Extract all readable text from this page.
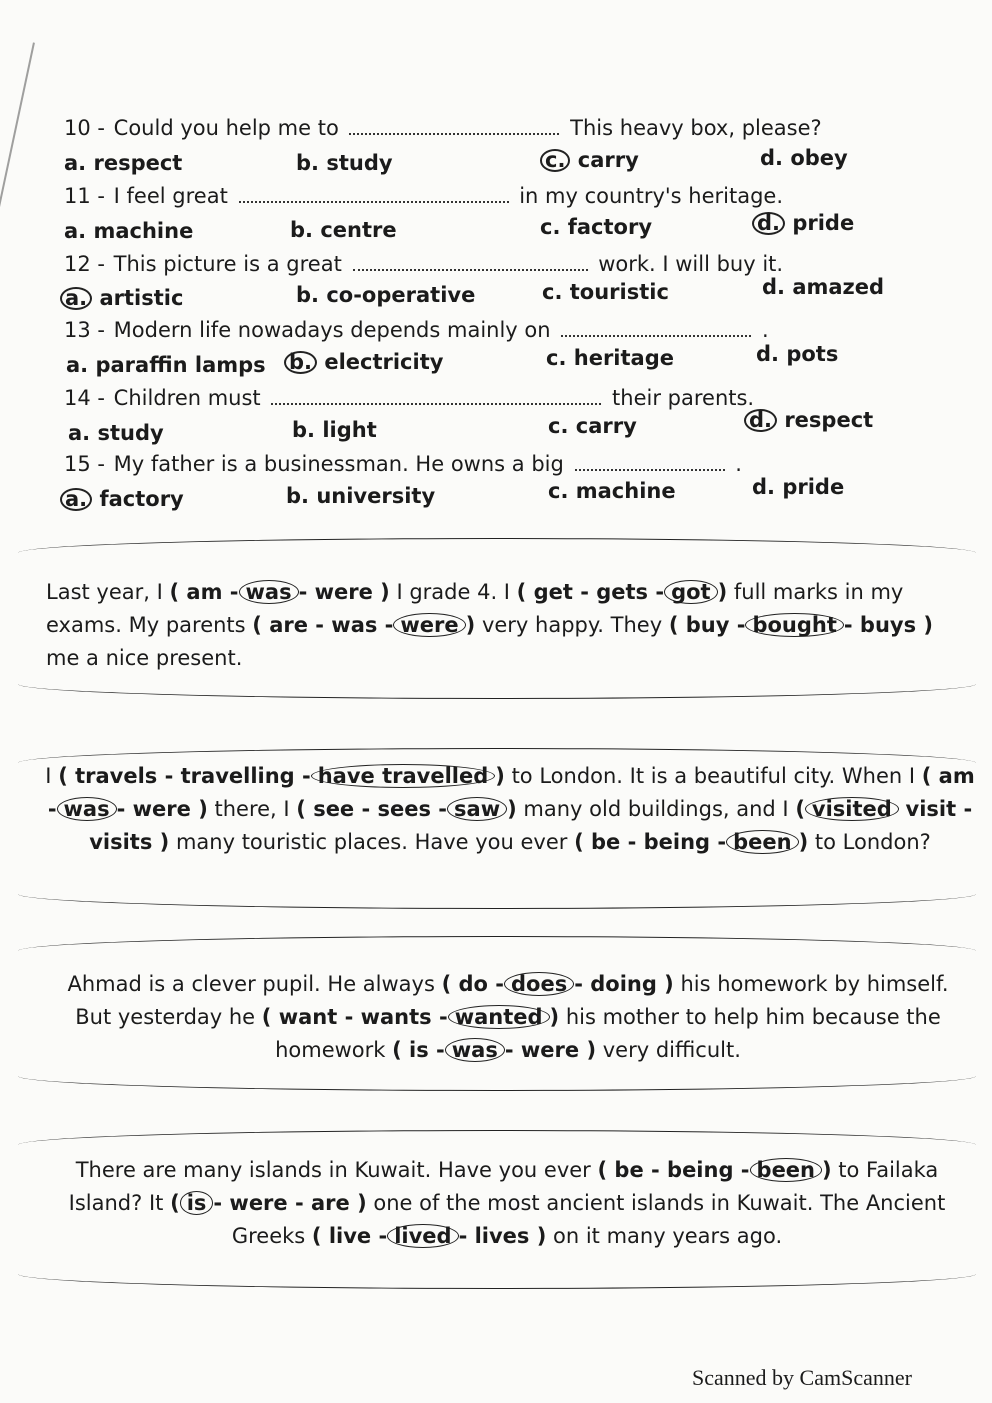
10 - Could you help me to	This heavy box, please?
a. respect	b. study	c. carry	d. obey
11 - I feel great	in my country's heritage.
a. machine	b. centre	c. factory	d. pride
12 - This picture is a great	work. I will buy it.
a. artistic	b. co-operative	c. touristic	d. amazed
13 - Modern life nowadays depends mainly on	.
a. paraffin lamps b. electricity	c. heritage	d. pots
14 - Children must	their parents.
a. study	b. light	c. carry	d. respect
15 - My father is a businessman. He owns a big	.
a. factory	b. university	c. machine	d. pride
Last year, I ( am - was - were ) I grade 4. I ( get - gets - got ) full marks in my exams. My parents ( are - was - were ) very happy. They ( buy - bought - buys ) me a nice present.
I ( travels - travelling - have travelled ) to London. It is a beautiful city. When I ( am - was - were ) there, I ( see - sees - saw ) many old buildings, and I ( visited visit - visits ) many touristic places. Have you ever ( be - being - been ) to London?
Ahmad is a clever pupil. He always ( do - does - doing ) his homework by himself. But yesterday he ( want - wants - wanted ) his mother to help him because the homework ( is - was - were ) very difficult.
There are many islands in Kuwait. Have you ever ( be - being - been ) to Failaka Island? It ( is - were - are ) one of the most ancient islands in Kuwait. The Ancient Greeks ( live - lived - lives ) on it many years ago.
Scanned by CamScanner
